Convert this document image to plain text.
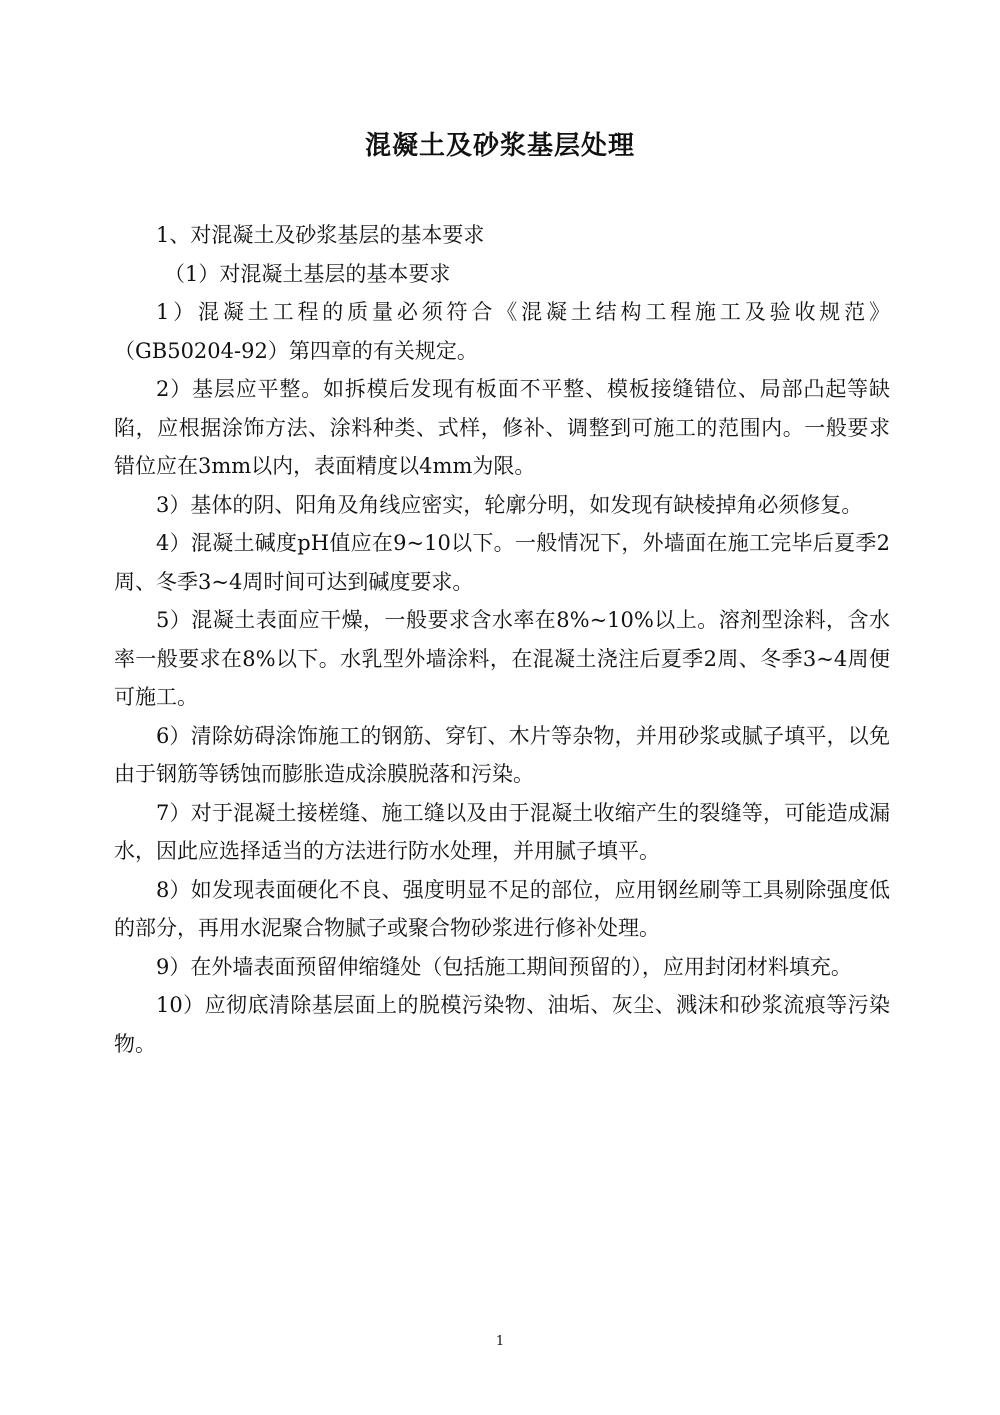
混凝土及砂浆基层处理

1、对混凝土及砂浆基层的基本要求

（1）对混凝土基层的基本要求

1）混凝土工程的质量必须符合《混凝土结构工程施工及验收规范》（GB50204-92）第四章的有关规定。

2）基层应平整。如拆模后发现有板面不平整、模板接缝错位、局部凸起等缺陷，应根据涂饰方法、涂料种类、式样，修补、调整到可施工的范围内。一般要求错位应在3mm以内，表面精度以4mm为限。

3）基体的阴、阳角及角线应密实，轮廓分明，如发现有缺棱掉角必须修复。

4）混凝土碱度pH值应在9~10以下。一般情况下，外墙面在施工完毕后夏季2周、冬季3~4周时间可达到碱度要求。

5）混凝土表面应干燥，一般要求含水率在8%~10%以上。溶剂型涂料，含水率一般要求在8%以下。水乳型外墙涂料，在混凝土浇注后夏季2周、冬季3~4周便可施工。

6）清除妨碍涂饰施工的钢筋、穿钉、木片等杂物，并用砂浆或腻子填平，以免由于钢筋等锈蚀而膨胀造成涂膜脱落和污染。

7）对于混凝土接槎缝、施工缝以及由于混凝土收缩产生的裂缝等，可能造成漏水，因此应选择适当的方法进行防水处理，并用腻子填平。

8）如发现表面硬化不良、强度明显不足的部位，应用钢丝刷等工具剔除强度低的部分，再用水泥聚合物腻子或聚合物砂浆进行修补处理。

9）在外墙表面预留伸缩缝处（包括施工期间预留的），应用封闭材料填充。

10）应彻底清除基层面上的脱模污染物、油垢、灰尘、溅沫和砂浆流痕等污染物。

1
